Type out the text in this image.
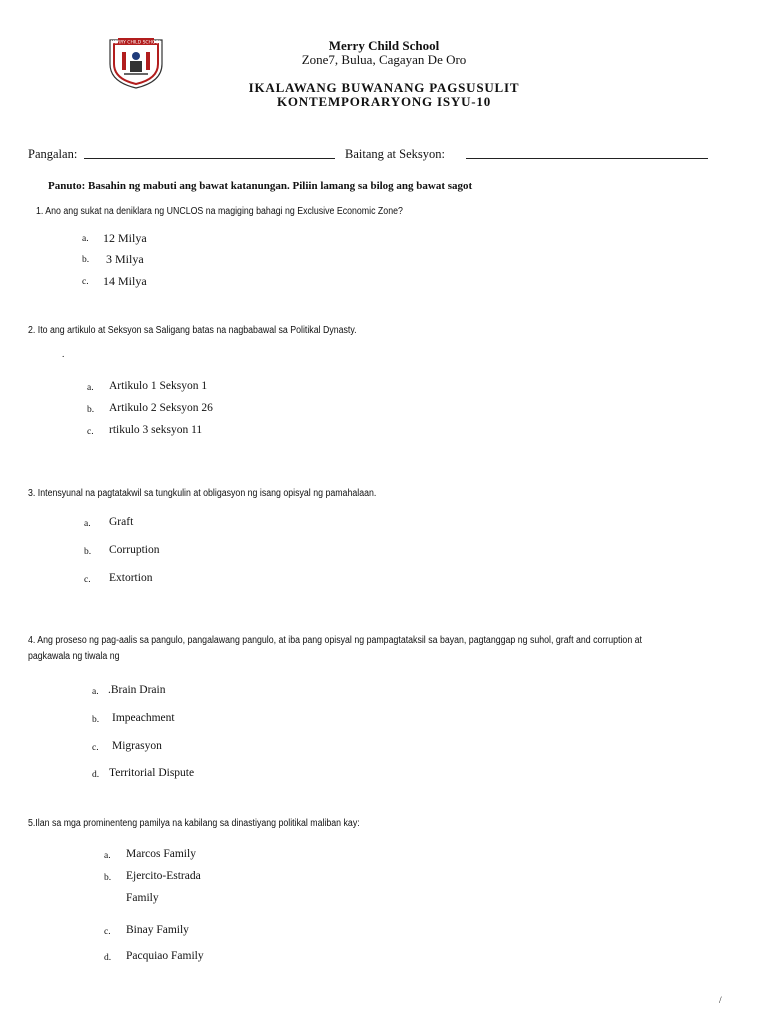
MERRY CHILD SCHOOL	Merry Child School
Zone7, Bulua, Cagayan De Oro
IKALAWANG BUWANANG PAGSUSULIT
KONTEMPORARYONG ISYU-10
Pangalan:	Baitang at Seksyon:
Panuto: Basahin ng mabuti ang bawat katanungan. Piliin lamang sa bilog ang bawat sagot
1. Ano ang sukat na deniklara ng UNCLOS na magiging bahagi ng Exclusive Economic Zone?
a. 12 Milya
b. 3 Milya
c. 14 Milya
2. Ito ang artikulo at Seksyon sa Saligang batas na nagbabawal sa Politikal Dynasty.
.
a. Artikulo 1 Seksyon 1
b. Artikulo 2 Seksyon 26
c. rtikulo 3 seksyon 11
3. Intensyunal na pagtatakwil sa tungkulin at obligasyon ng isang opisyal ng pamahalaan.
a. Graft
b. Corruption
c. Extortion
4. Ang proseso ng pag-aalis sa pangulo, pangalawang pangulo, at iba pang opisyal ng pampagtataksil sa bayan, pagtanggap ng suhol, graft and corruption at pagkawala ng tiwala ng
a. .Brain Drain
b. Impeachment
c. Migrasyon
d. Territorial Dispute
5.Ilan sa mga prominenteng pamilya na kabilang sa dinastiyang politikal maliban kay:
a. Marcos Family
b. Ejercito-Estrada
Family
c. Binay Family
d. Pacquiao Family
/
